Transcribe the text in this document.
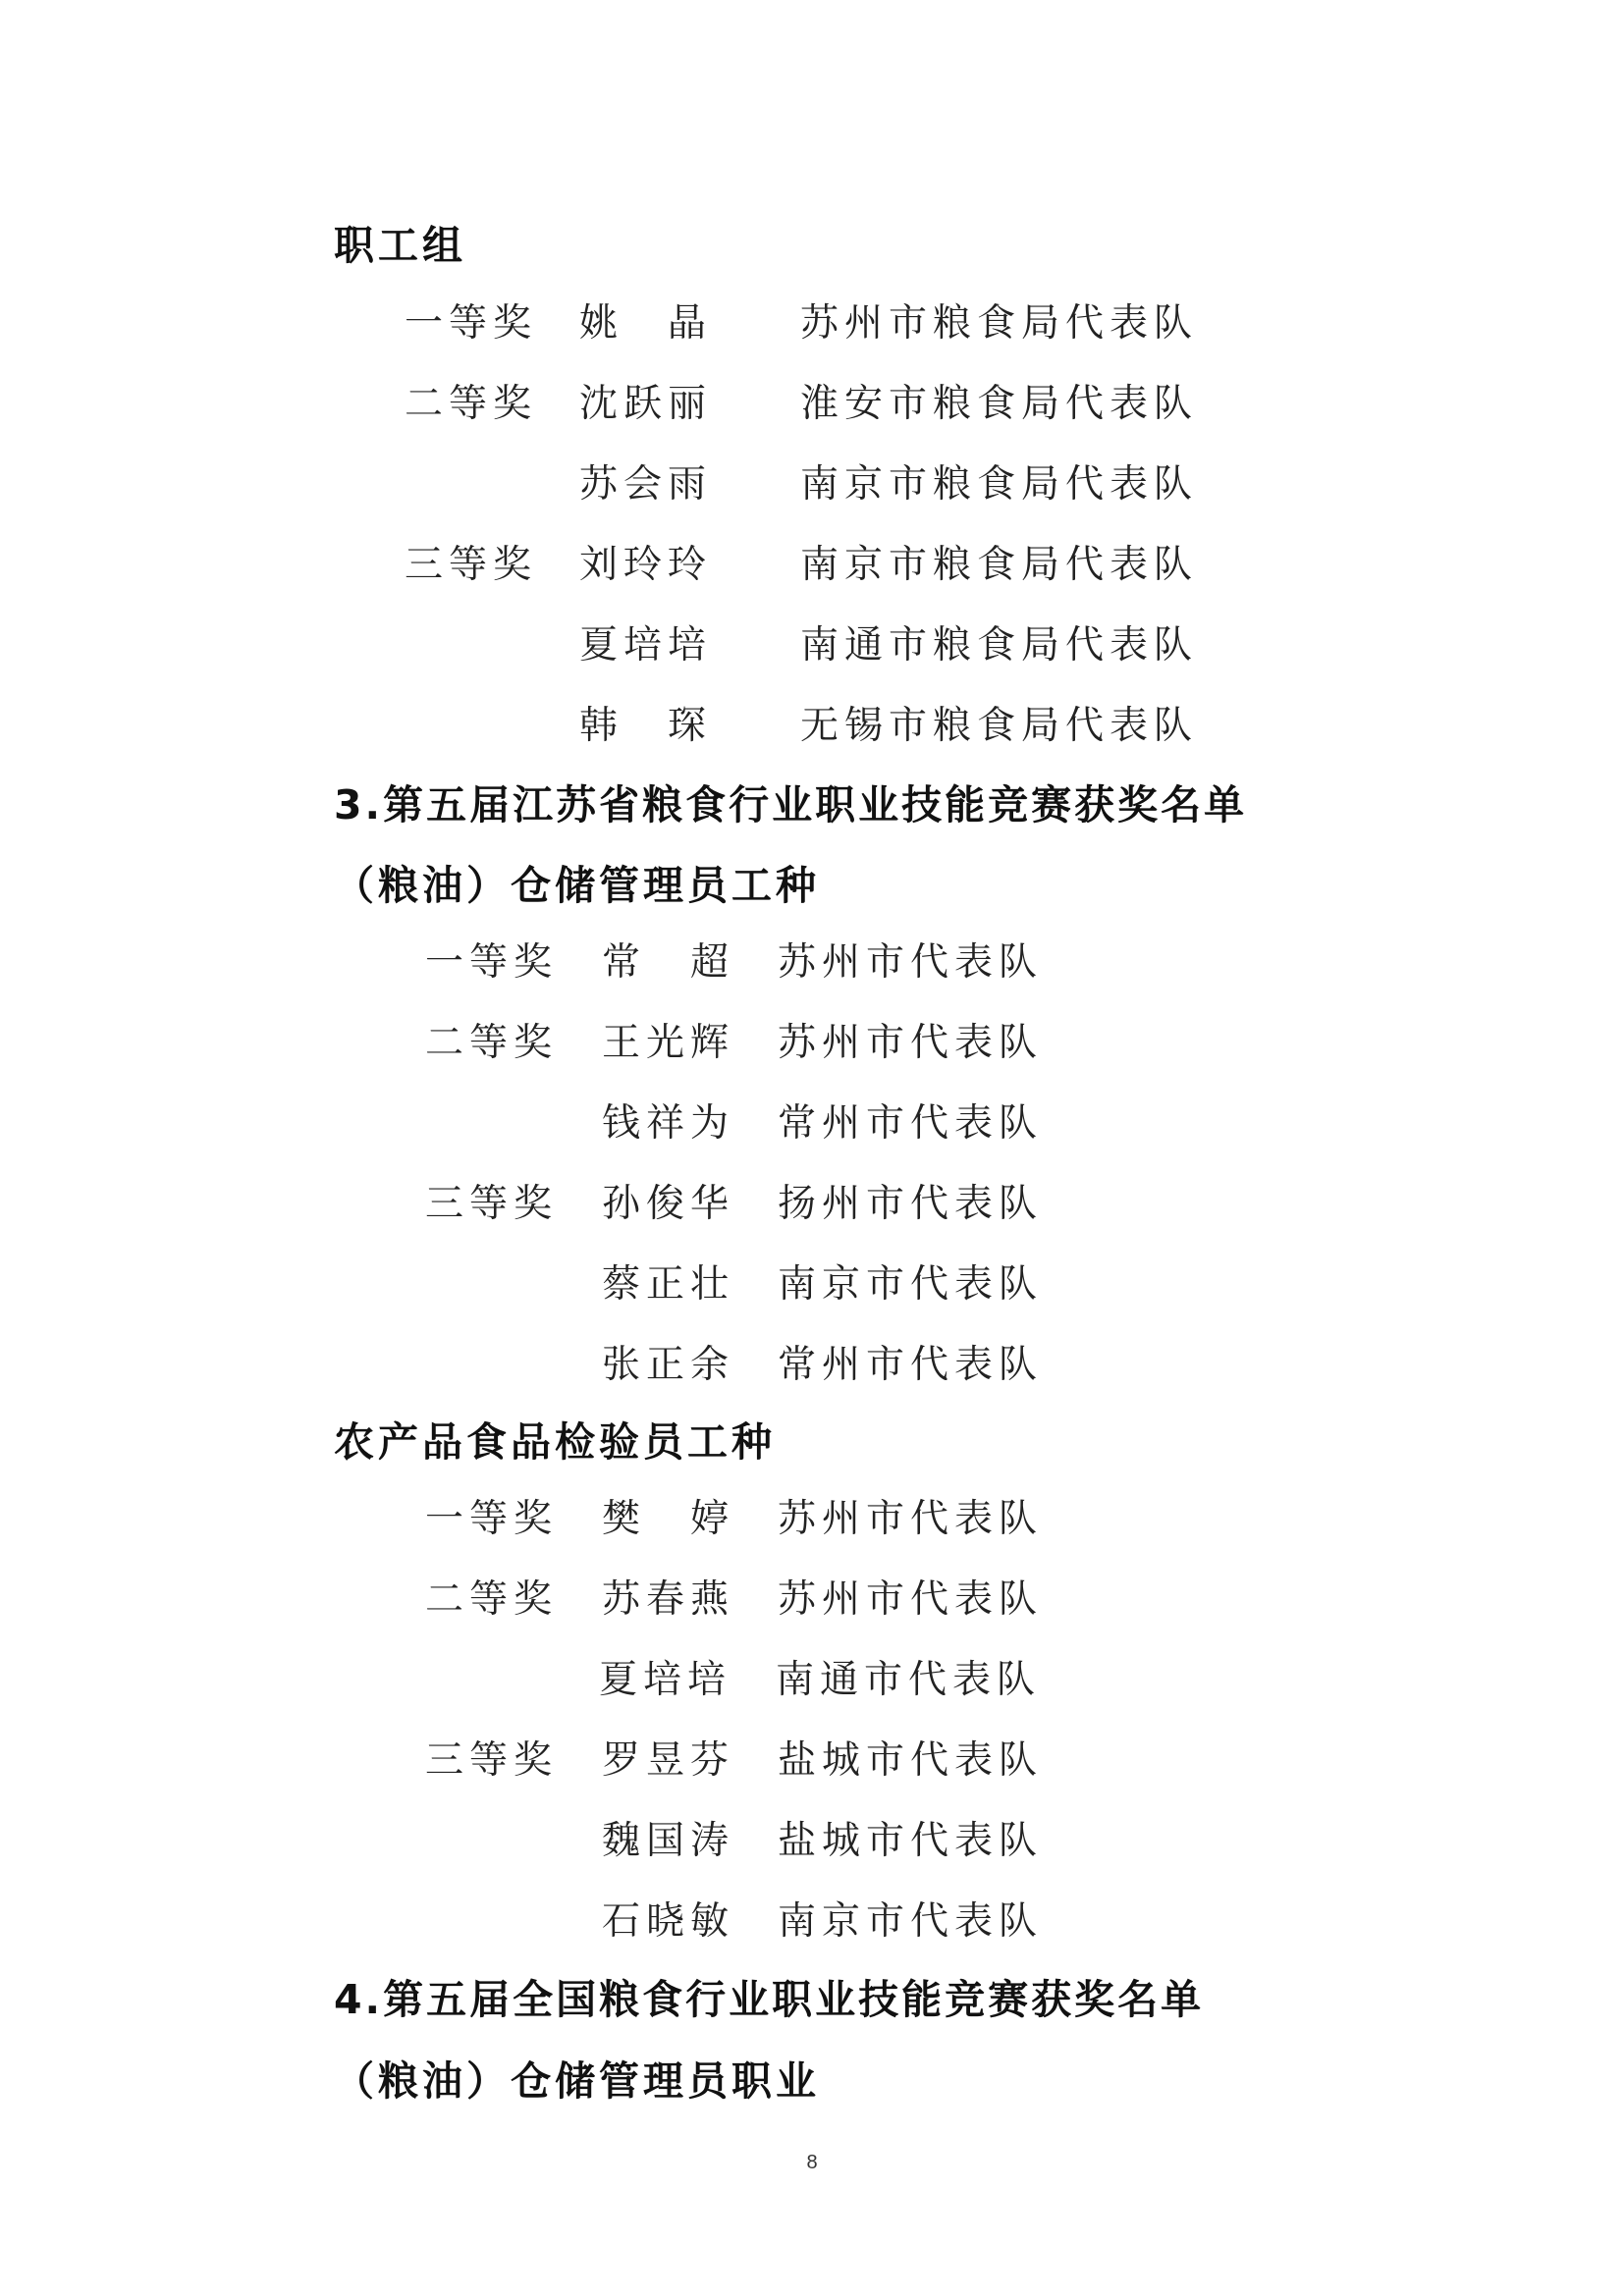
职工组
一等奖 姚　晶 苏州市粮食局代表队
二等奖 沈跃丽 淮安市粮食局代表队
苏会雨 南京市粮食局代表队
三等奖 刘玲玲 南京市粮食局代表队
夏培培 南通市粮食局代表队
韩　琛 无锡市粮食局代表队
3.第五届江苏省粮食行业职业技能竞赛获奖名单
（粮油）仓储管理员工种
一等奖 常　超 苏州市代表队
二等奖 王光辉 苏州市代表队
钱祥为 常州市代表队
三等奖 孙俊华 扬州市代表队
蔡正壮 南京市代表队
张正余 常州市代表队
农产品食品检验员工种
一等奖 樊　婷 苏州市代表队
二等奖 苏春燕 苏州市代表队
夏培培 南通市代表队
三等奖 罗昱芬 盐城市代表队
魏国涛 盐城市代表队
石晓敏 南京市代表队
4.第五届全国粮食行业职业技能竞赛获奖名单
（粮油）仓储管理员职业
8
